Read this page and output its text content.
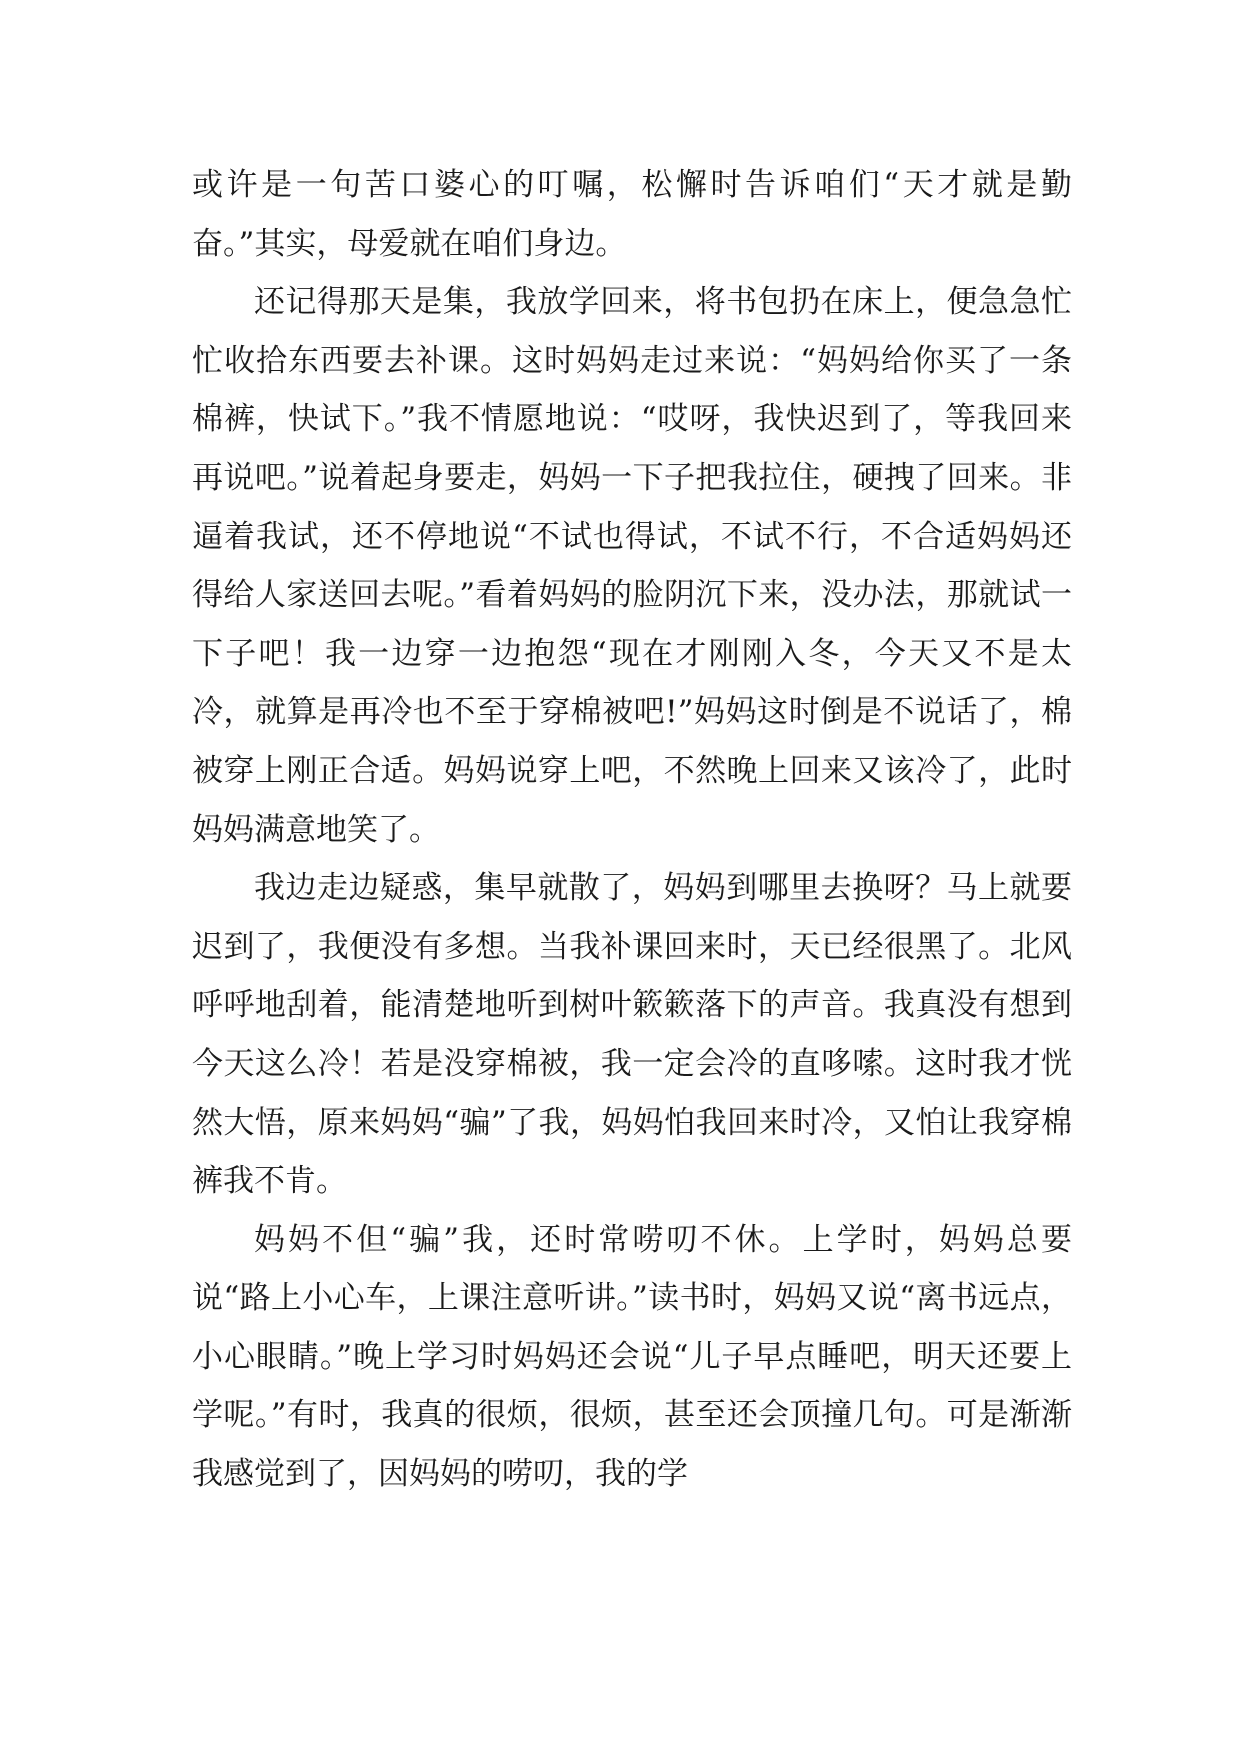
或许是一句苦口婆心的叮嘱，松懈时告诉咱们“天才就是勤奋。”其实，母爱就在咱们身边。

还记得那天是集，我放学回来，将书包扔在床上，便急急忙忙收拾东西要去补课。这时妈妈走过来说：“妈妈给你买了一条棉裤，快试下。”我不情愿地说：“哎呀，我快迟到了，等我回来再说吧。”说着起身要走，妈妈一下子把我拉住，硬拽了回来。非逼着我试，还不停地说“不试也得试，不试不行，不合适妈妈还得给人家送回去呢。”看着妈妈的脸阴沉下来，没办法，那就试一下子吧！我一边穿一边抱怨“现在才刚刚入冬，今天又不是太冷，就算是再冷也不至于穿棉被吧!”妈妈这时倒是不说话了，棉被穿上刚正合适。妈妈说穿上吧，不然晚上回来又该冷了，此时妈妈满意地笑了。

我边走边疑惑，集早就散了，妈妈到哪里去换呀？马上就要迟到了，我便没有多想。当我补课回来时，天已经很黑了。北风呼呼地刮着，能清楚地听到树叶簌簌落下的声音。我真没有想到今天这么冷！若是没穿棉被，我一定会冷的直哆嗦。这时我才恍然大悟，原来妈妈“骗”了我，妈妈怕我回来时冷，又怕让我穿棉裤我不肯。

妈妈不但“骗”我，还时常唠叨不休。上学时，妈妈总要说“路上小心车，上课注意听讲。”读书时，妈妈又说“离书远点，小心眼睛。”晚上学习时妈妈还会说“儿子早点睡吧，明天还要上学呢。”有时，我真的很烦，很烦，甚至还会顶撞几句。可是渐渐我感觉到了，因妈妈的唠叨，我的学
